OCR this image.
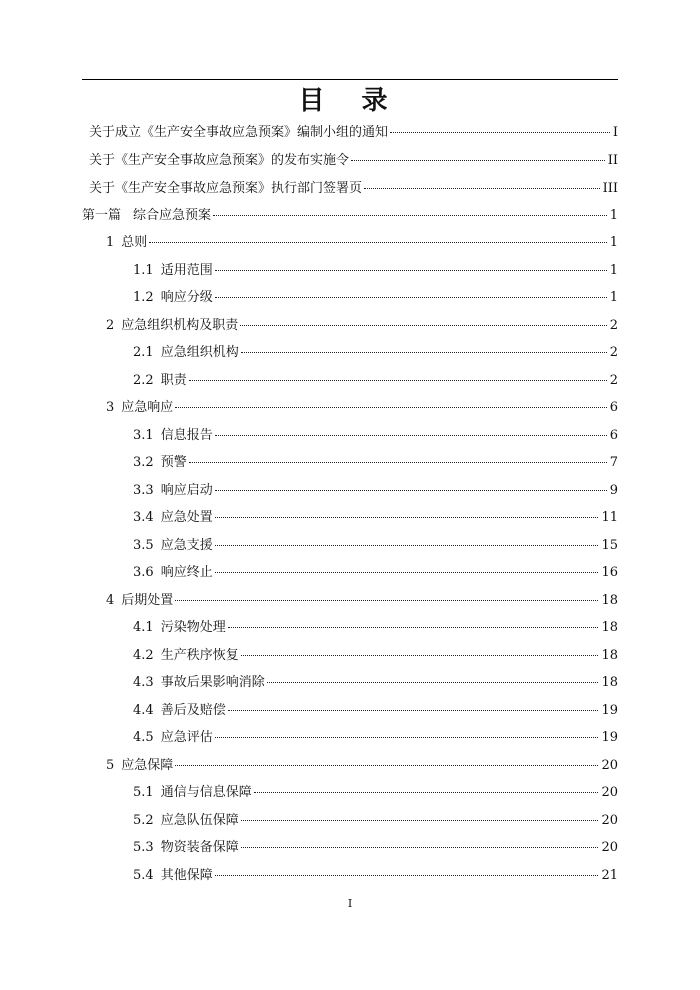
目 录
关于成立《生产安全事故应急预案》编制小组的通知	I
关于《生产安全事故应急预案》的发布实施令	II
关于《生产安全事故应急预案》执行部门签署页	III
第一篇 综合应急预案	1
1 总则	1
1.1 适用范围	1
1.2 响应分级	1
2 应急组织机构及职责	2
2.1 应急组织机构	2
2.2 职责	2
3 应急响应	6
3.1 信息报告	6
3.2 预警	7
3.3 响应启动	9
3.4 应急处置	11
3.5 应急支援	15
3.6 响应终止	16
4 后期处置	18
4.1 污染物处理	18
4.2 生产秩序恢复	18
4.3 事故后果影响消除	18
4.4 善后及赔偿	19
4.5 应急评估	19
5 应急保障	20
5.1 通信与信息保障	20
5.2 应急队伍保障	20
5.3 物资装备保障	20
5.4 其他保障	21
I
